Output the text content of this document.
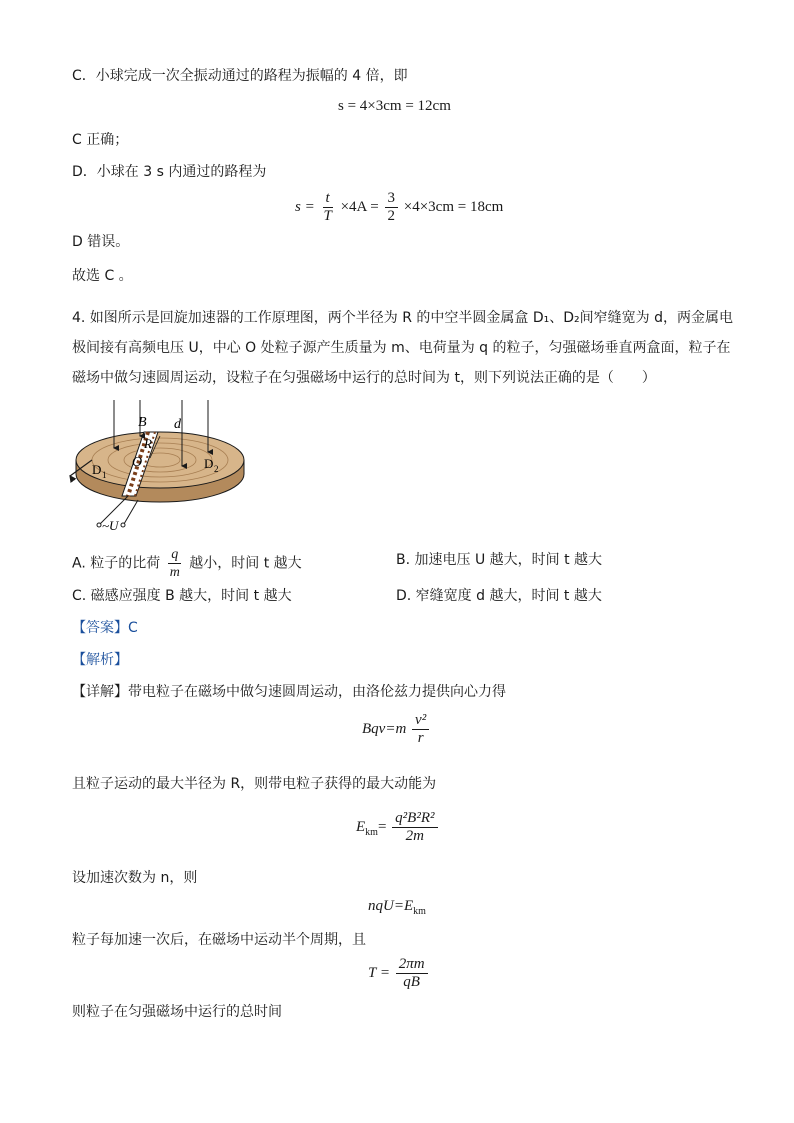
C．小球完成一次全振动通过的路程为振幅的 4 倍，即
s = 4×3cm = 12cm
C 正确；
D．小球在 3 s 内通过的路程为
$s = \frac{t}{T} \times 4A = \frac{3}{2} \times 4\times 3cm = 18cm$
D 错误。
故选 C 。
4. 如图所示是回旋加速器的工作原理图，两个半径为 R 的中空半圆金属盒 D₁、D₂间窄缝宽为 d，两金属电
极间接有高频电压 U，中心 O 处粒子源产生质量为 m、电荷量为 q 的粒子，匀强磁场垂直两盒面，粒子在
磁场中做匀速圆周运动，设粒子在匀强磁场中运行的总时间为 t，则下列说法正确的是（　　）
B d
R
O
D 1
D 2
~U
A. 粒子的比荷 $\frac{q}{m}$ 越小，时间 t 越大	B. 加速电压 U 越大，时间 t 越大
C. 磁感应强度 B 越大，时间 t 越大	D. 窄缝宽度 d 越大，时间 t 越大
【答案】C
【解析】
【详解】带电粒子在磁场中做匀速圆周运动，由洛伦兹力提供向心力得
$Bqv=m \frac{\text{v²}}{r}$
且粒子运动的最大半径为 R，则带电粒子获得的最大动能为
$E_{km}= \frac{\text{q²B²R²}}{2m}$
设加速次数为 n，则
$nqU=E_{km}$
粒子每加速一次后，在磁场中运动半个周期，且
$T = \frac{2\pi m}{qB}$
则粒子在匀强磁场中运行的总时间
